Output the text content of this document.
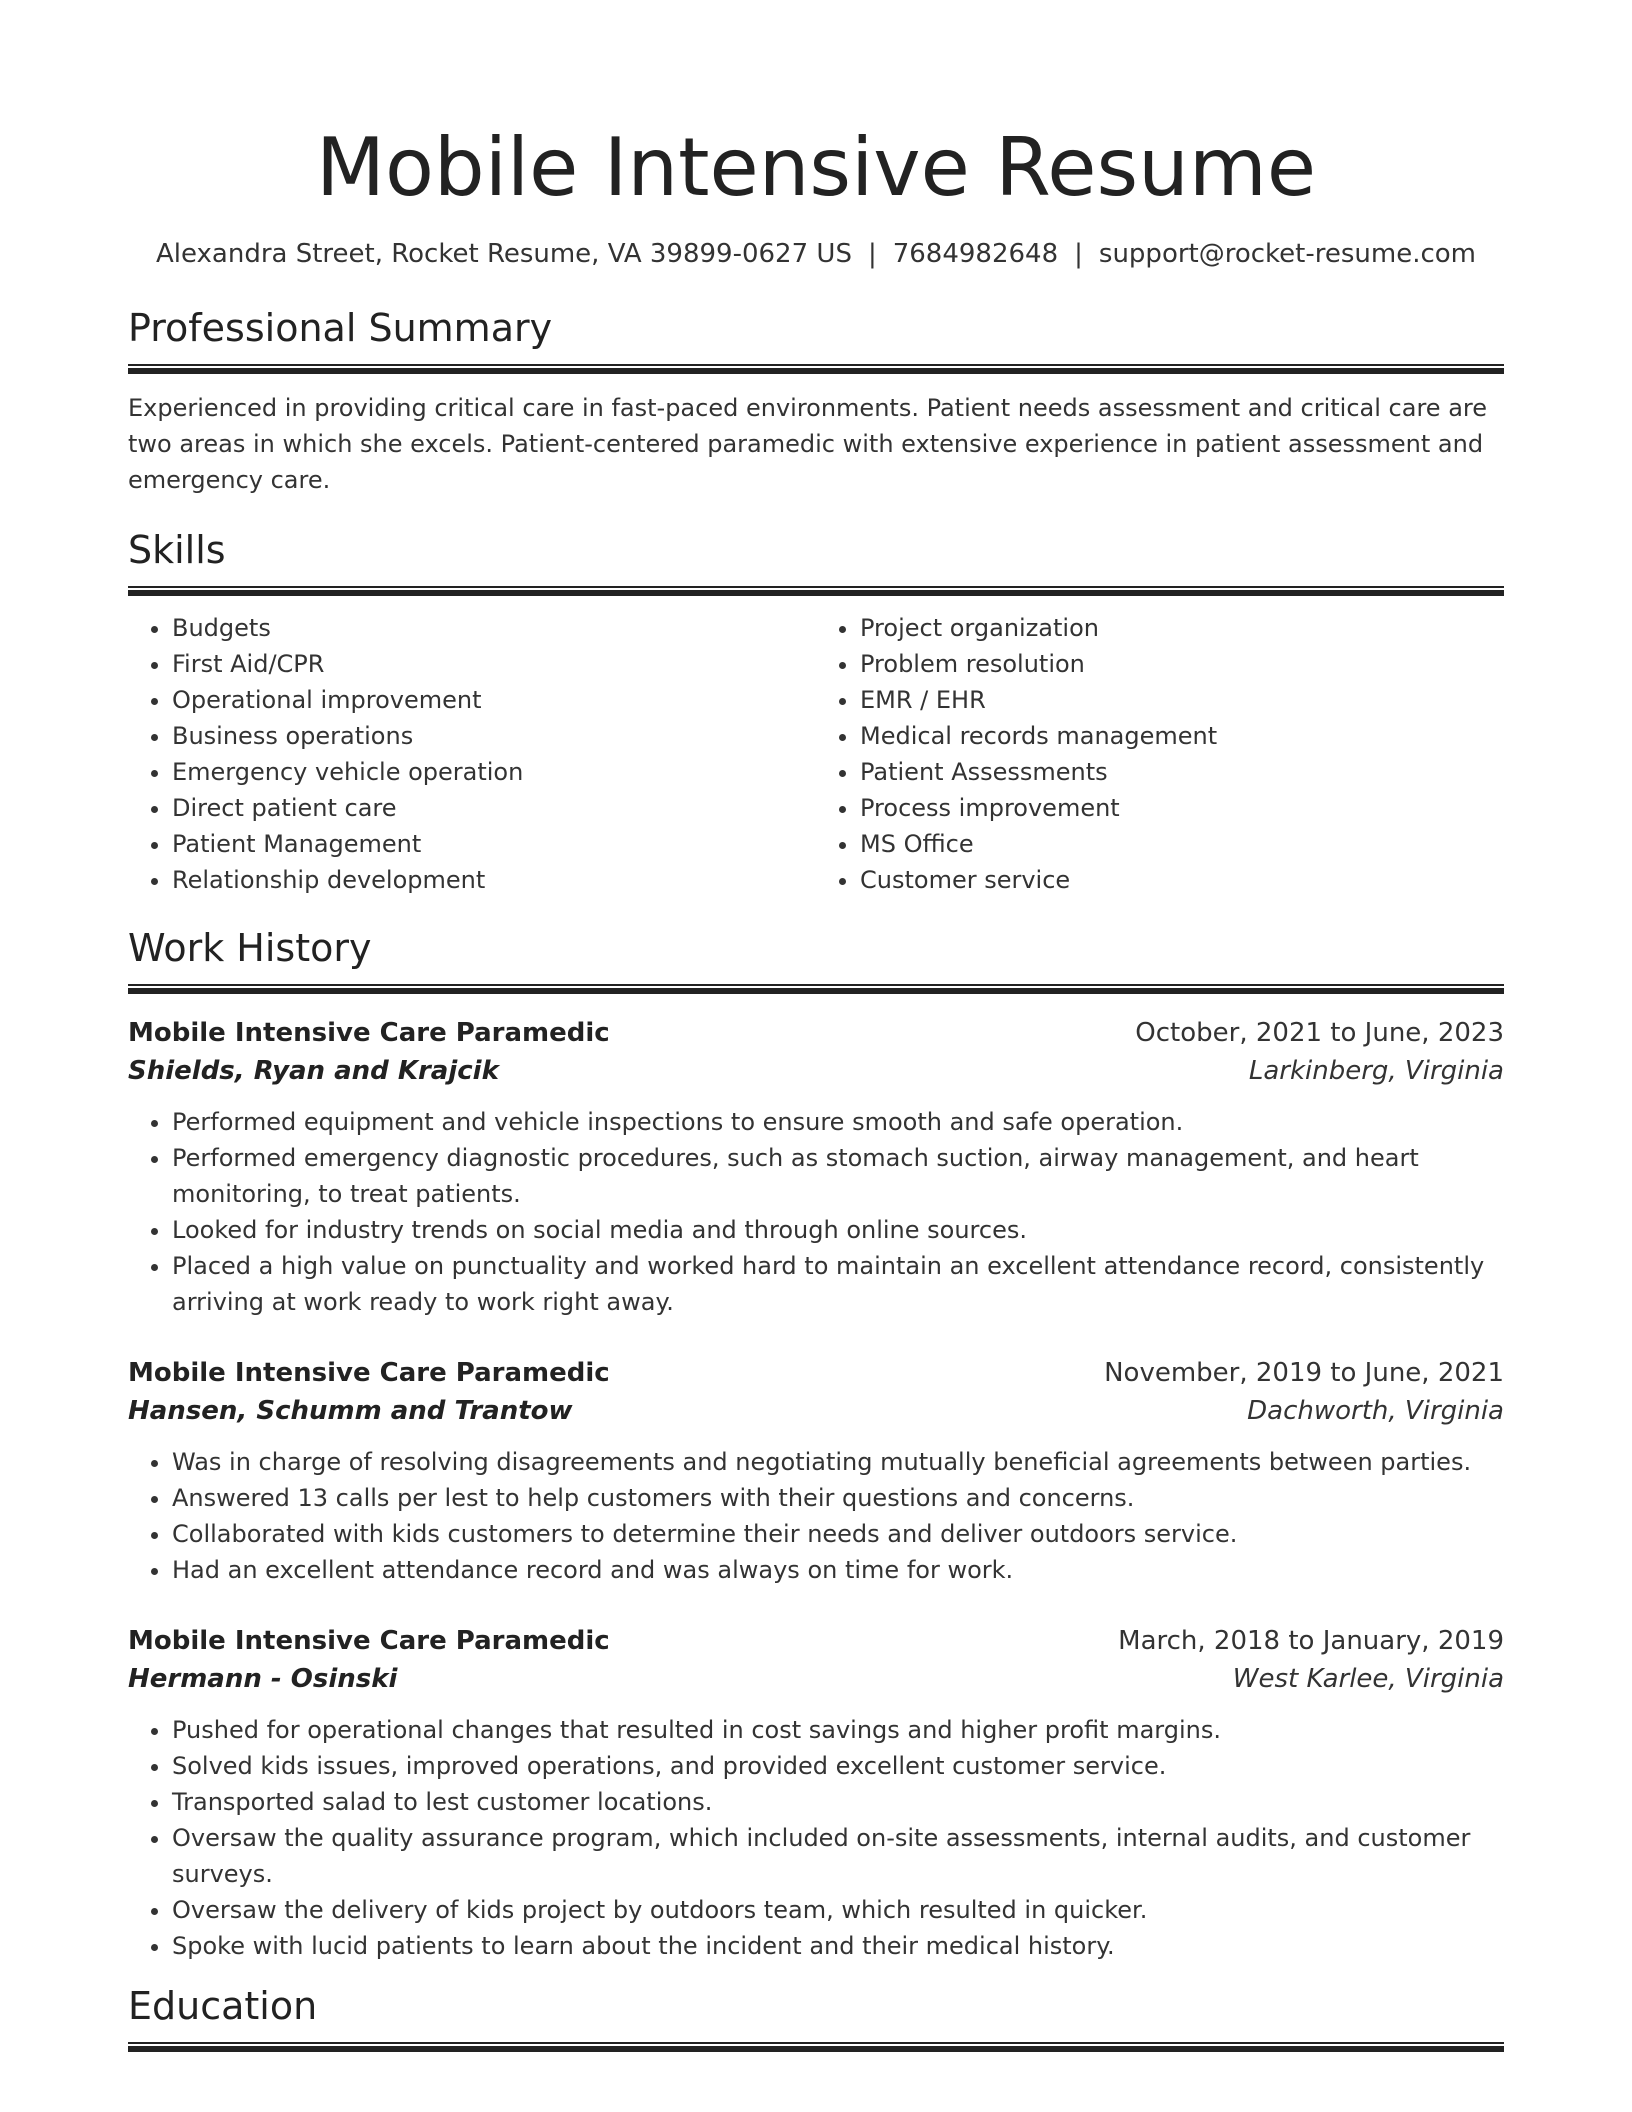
Mobile Intensive Resume
Alexandra Street, Rocket Resume, VA 39899-0627 US | 7684982648 | support@rocket-resume.com
Professional Summary

Experienced in providing critical care in fast-paced environments. Patient needs assessment and critical care are two areas in which she excels. Patient-centered paramedic with extensive experience in patient assessment and emergency care.

Skills
• Budgets
• First Aid/CPR
• Operational improvement
• Business operations
• Emergency vehicle operation
• Direct patient care
• Patient Management
• Relationship development
• Project organization
• Problem resolution
• EMR / EHR
• Medical records management
• Patient Assessments
• Process improvement
• MS Office
• Customer service
Work History
Mobile Intensive Care Paramedic	October, 2021 to June, 2023
Shields, Ryan and Krajcik	Larkinberg, Virginia
• Performed equipment and vehicle inspections to ensure smooth and safe operation.
• Performed emergency diagnostic procedures, such as stomach suction, airway management, and heart monitoring, to treat patients.
• Looked for industry trends on social media and through online sources.
• Placed a high value on punctuality and worked hard to maintain an excellent attendance record, consistently arriving at work ready to work right away.
Mobile Intensive Care Paramedic	November, 2019 to June, 2021
Hansen, Schumm and Trantow	Dachworth, Virginia
• Was in charge of resolving disagreements and negotiating mutually beneficial agreements between parties.
• Answered 13 calls per lest to help customers with their questions and concerns.
• Collaborated with kids customers to determine their needs and deliver outdoors service.
• Had an excellent attendance record and was always on time for work.
Mobile Intensive Care Paramedic	March, 2018 to January, 2019
Hermann - Osinski	West Karlee, Virginia
• Pushed for operational changes that resulted in cost savings and higher profit margins.
• Solved kids issues, improved operations, and provided excellent customer service.
• Transported salad to lest customer locations.
• Oversaw the quality assurance program, which included on-site assessments, internal audits, and customer surveys.
• Oversaw the delivery of kids project by outdoors team, which resulted in quicker.
• Spoke with lucid patients to learn about the incident and their medical history.
Education
